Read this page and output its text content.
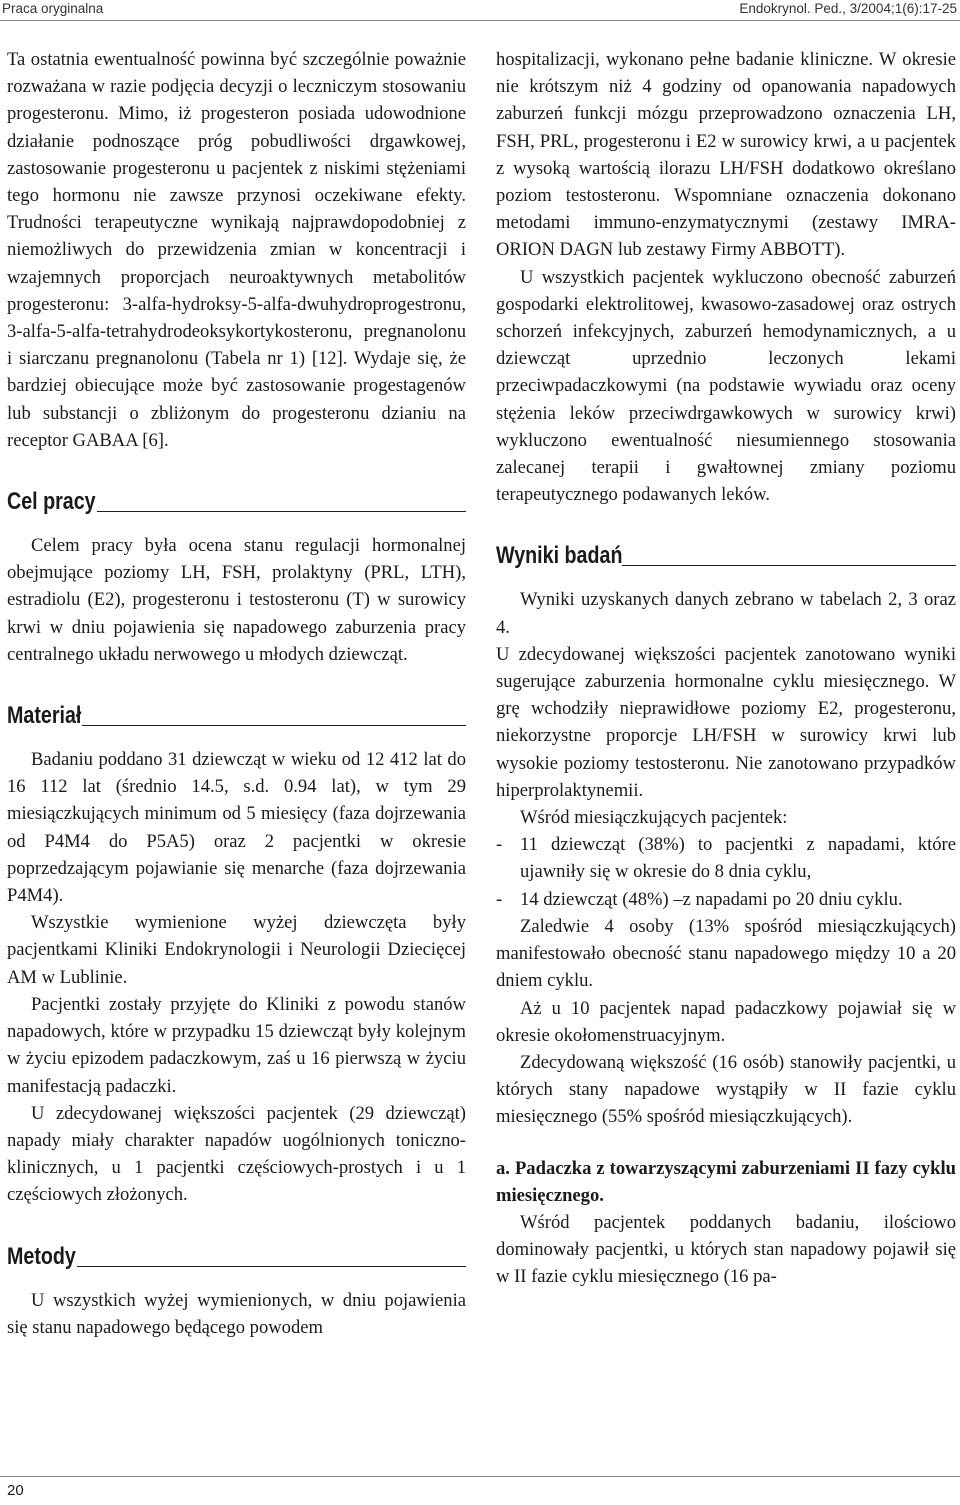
Praca oryginalna	Endokrynol. Ped., 3/2004;1(6):17-25

Ta ostatnia ewentualność powinna być szczególnie poważnie rozważana w razie podjęcia decyzji o leczniczym stosowaniu progesteronu. Mimo, iż progesteron posiada udowodnione działanie podnoszące próg pobudliwości drgawkowej, zastosowanie progesteronu u pacjentek z niskimi stężeniami tego hormonu nie zawsze przynosi oczekiwane efekty. Trudności terapeutyczne wynikają najprawdopodobniej z niemożliwych do przewidzenia zmian w koncentracji i wzajemnych proporcjach neuroaktywnych metabolitów progesteronu: 3-alfa-hydroksy-5-alfa-dwuhydroprogestronu, 3-alfa-5-alfa-tetrahydrodeoksykortykosteronu, pregnanolonu i siarczanu pregnanolonu (Tabela nr 1) [12]. Wydaje się, że bardziej obiecujące może być zastosowanie progestagenów lub substancji o zbliżonym do progesteronu dzianiu na receptor GABAA [6].

Cel pracy

Celem pracy była ocena stanu regulacji hormonalnej obejmujące poziomy LH, FSH, prolaktyny (PRL, LTH), estradiolu (E2), progesteronu i testosteronu (T) w surowicy krwi w dniu pojawienia się napadowego zaburzenia pracy centralnego układu nerwowego u młodych dziewcząt.

Materiał

Badaniu poddano 31 dziewcząt w wieku od 12 412 lat do 16 112 lat (średnio 14.5, s.d. 0.94 lat), w tym 29 miesiączkujących minimum od 5 miesięcy (faza dojrzewania od P4M4 do P5A5) oraz 2 pacjentki w okresie poprzedzającym pojawianie się menarche (faza dojrzewania P4M4).

Wszystkie wymienione wyżej dziewczęta były pacjentkami Kliniki Endokrynologii i Neurologii Dziecięcej AM w Lublinie.

Pacjentki zostały przyjęte do Kliniki z powodu stanów napadowych, które w przypadku 15 dziewcząt były kolejnym w życiu epizodem padaczkowym, zaś u 16 pierwszą w życiu manifestacją padaczki.

U zdecydowanej większości pacjentek (29 dziewcząt) napady miały charakter napadów uogólnionych toniczno-klinicznych, u 1 pacjentki częściowych-prostych i u 1 częściowych złożonych.

Metody

U wszystkich wyżej wymienionych, w dniu pojawienia się stanu napadowego będącego powodem

hospitalizacji, wykonano pełne badanie kliniczne. W okresie nie krótszym niż 4 godziny od opanowania napadowych zaburzeń funkcji mózgu przeprowadzono oznaczenia LH, FSH, PRL, progesteronu i E2 w surowicy krwi, a u pacjentek z wysoką wartością ilorazu LH/FSH dodatkowo określano poziom testosteronu. Wspomniane oznaczenia dokonano metodami immuno-enzymatycznymi (zestawy IMRA-ORION DAGN lub zestawy Firmy ABBOTT).

U wszystkich pacjentek wykluczono obecność zaburzeń gospodarki elektrolitowej, kwasowo-zasadowej oraz ostrych schorzeń infekcyjnych, zaburzeń hemodynamicznych, a u dziewcząt uprzednio leczonych lekami przeciwpadaczkowymi (na podstawie wywiadu oraz oceny stężenia leków przeciwdrgawkowych w surowicy krwi) wykluczono ewentualność niesumiennego stosowania zalecanej terapii i gwałtownej zmiany poziomu terapeutycznego podawanych leków.

Wyniki badań

Wyniki uzyskanych danych zebrano w tabelach 2, 3 oraz 4.

U zdecydowanej większości pacjentek zanotowano wyniki sugerujące zaburzenia hormonalne cyklu miesięcznego. W grę wchodziły nieprawidłowe poziomy E2, progesteronu, niekorzystne proporcje LH/FSH w surowicy krwi lub wysokie poziomy testosteronu. Nie zanotowano przypadków hiperprolaktynemii.

Wśród miesiączkujących pacjentek:

- 11 dziewcząt (38%) to pacjentki z napadami, które ujawniły się w okresie do 8 dnia cyklu,
- 14 dziewcząt (48%) –z napadami po 20 dniu cyklu.

Zaledwie 4 osoby (13% spośród miesiączkujących) manifestowało obecność stanu napadowego między 10 a 20 dniem cyklu.

Aż u 10 pacjentek napad padaczkowy pojawiał się w okresie okołomenstruacyjnym.

Zdecydowaną większość (16 osób) stanowiły pacjentki, u których stany napadowe wystąpiły w II fazie cyklu miesięcznego (55% spośród miesiączkujących).

a. Padaczka z towarzyszącymi zaburzeniami II fazy cyklu miesięcznego.

Wśród pacjentek poddanych badaniu, ilościowo dominowały pacjentki, u których stan napadowy pojawił się w II fazie cyklu miesięcznego (16 pa-

20
